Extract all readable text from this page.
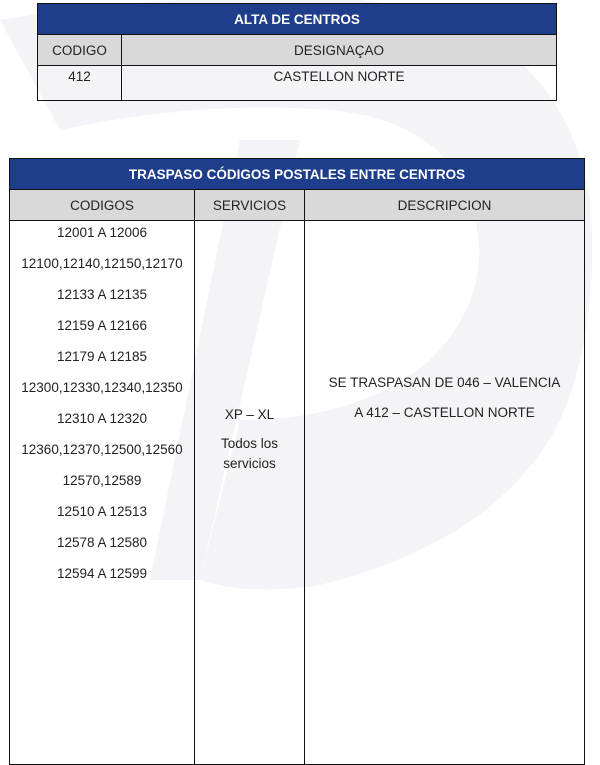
ALTA DE CENTROS	
CODIGO	DESIGNAÇAO
412	CASTELLON NORTE
TRASPASO CÓDIGOS POSTALES ENTRE CENTROS		
CODIGOS	SERVICIOS	DESCRIPCION

12001 A 12006
12100,12140,12150,12170
12133 A 12135
12159 A 12166
12179 A 12185
12300,12330,12340,12350
12310 A 12320
12360,12370,12500,12560
12570,12589
12510 A 12513
12578 A 12580
12594 A 12599

XP – XL
Todos los
servicios

SE TRASPASAN DE 046 – VALENCIA
A 412 – CASTELLON NORTE
